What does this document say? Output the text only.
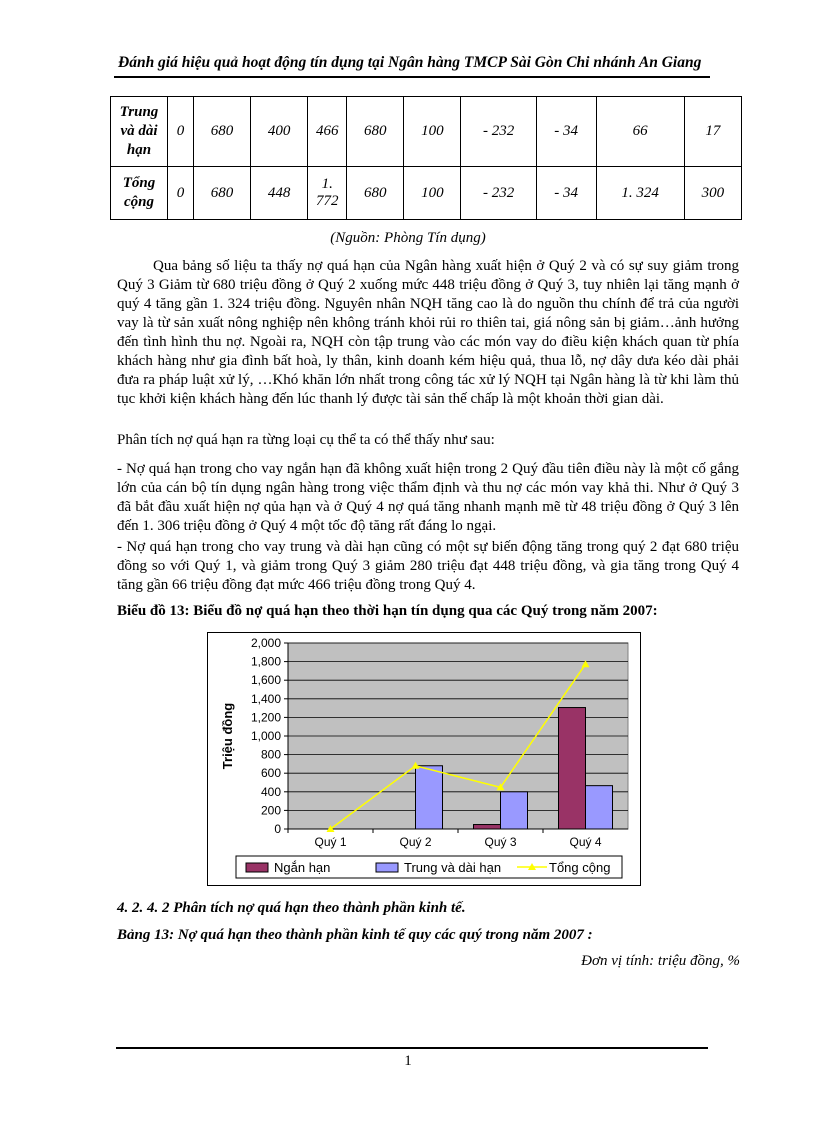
Đánh giá hiệu quả hoạt động tín dụng tại Ngân hàng TMCP Sài Gòn Chi nhánh An Giang
Trung và dài hạn	0	680	400	466	680	100	- 232	- 34	66	17
Tổng cộng	0	680	448	1. 772	680	100	- 232	- 34	1. 324	300
(Nguồn: Phòng Tín dụng)
Qua bảng số liệu ta thấy nợ quá hạn của Ngân hàng xuất hiện ở Quý 2 và có sự suy giảm trong Quý 3 Giảm từ 680 triệu đồng ở Quý 2 xuống mức 448 triệu đồng ở Quý 3, tuy nhiên lại tăng mạnh ở quý 4 tăng gần 1. 324 triệu đồng. Nguyên nhân NQH tăng cao là do nguồn thu chính để trả của người vay là từ sản xuất nông nghiệp nên không tránh khỏi rủi ro thiên tai, giá nông sản bị giảm…ảnh hưởng đến tình hình thu nợ. Ngoài ra, NQH còn tập trung vào các món vay do điều kiện khách quan từ phía khách hàng như gia đình bất hoà, ly thân, kinh doanh kém hiệu quả, thua lỗ, nợ dây dưa kéo dài phải đưa ra pháp luật xử lý, …Khó khăn lớn nhất trong công tác xử lý NQH tại Ngân hàng là từ khi làm thủ tục khởi kiện khách hàng đến lúc thanh lý được tài sản thế chấp là một khoản thời gian dài.
Phân tích nợ quá hạn ra từng loại cụ thể ta có thể thấy như sau:
- Nợ quá hạn trong cho vay ngắn hạn đã không xuất hiện trong 2 Quý đầu tiên điều này là một cố gắng lớn của cán bộ tín dụng ngân hàng trong việc thẩm định và thu nợ các món vay khả thi. Như ở Quý 3 đã bắt đầu xuất hiện nợ qủa hạn và ở Quý 4 nợ quá tăng nhanh mạnh mẽ từ 48 triệu đồng ở Quý 3 lên đến 1. 306 triệu đồng ở Quý 4 một tốc độ tăng rất đáng lo ngại.
- Nợ quá hạn trong cho vay trung và dài hạn cũng có một sự biến động tăng trong quý 2 đạt 680 triệu đồng so với Quý 1, và giảm trong Quý 3 giảm 280 triệu đạt 448 triệu đồng, và gia tăng trong Quý 4 tăng gần 66 triệu đồng đạt mức 466 triệu đồng trong Quý 4.
Biểu đồ 13: Biểu đồ nợ quá hạn theo thời hạn tín dụng qua các Quý trong năm 2007:
0
200
400
600
800
1,000
1,200
1,400
1,600
1,800
2,000
Triệu đồng
Quý 1	Quý 2	Quý 3	Quý 4
Ngắn hạn	Trung và dài hạn	Tổng cộng
4. 2. 4. 2 Phân tích nợ quá hạn theo thành phần kinh tế.
Bảng 13: Nợ quá hạn theo thành phần kinh tế quy các quý trong năm 2007 :
Đơn vị tính: triệu đồng, %
1
